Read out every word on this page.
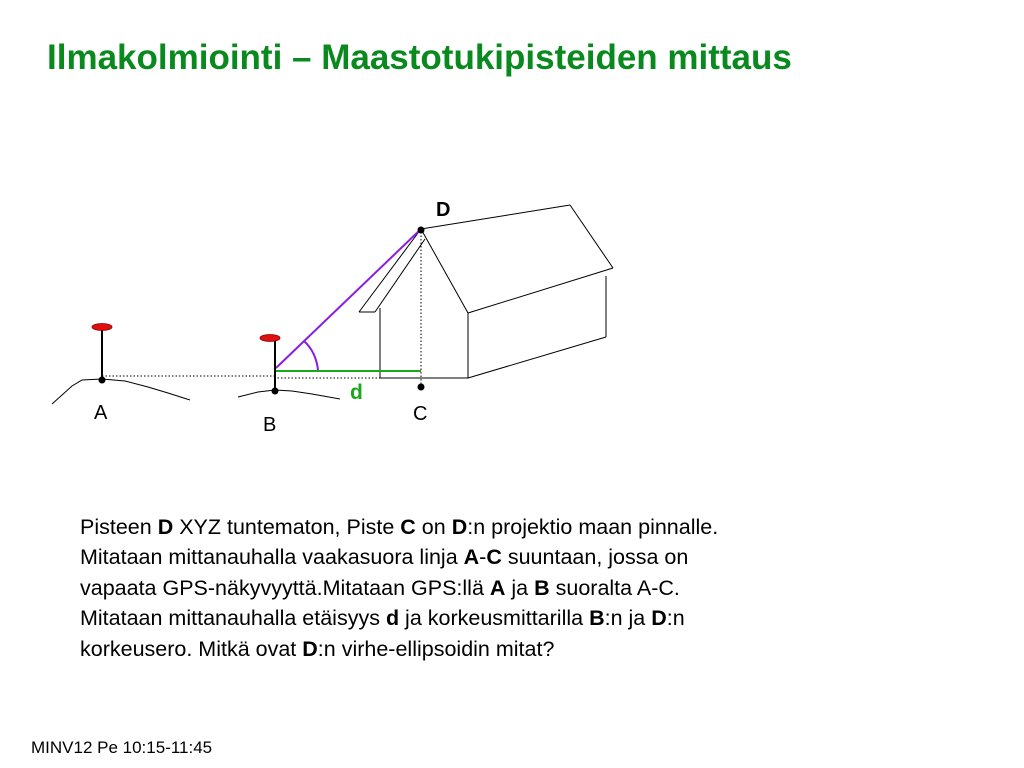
Ilmakolmiointi – Maastotukipisteiden mittaus
A
B	C
D
d

Pisteen D XYZ tuntematon, Piste C on D:n projektio maan pinnalle.

Mitataan mittanauhalla vaakasuora linja A-C suuntaan, jossa on

vapaata GPS-näkyvyyttä.Mitataan GPS:llä A ja B suoralta A-C.

Mitataan mittanauhalla etäisyys d ja korkeusmittarilla B:n ja D:n

korkeusero. Mitkä ovat D:n virhe-ellipsoidin mitat?

MINV12 Pe 10:15-11:45
